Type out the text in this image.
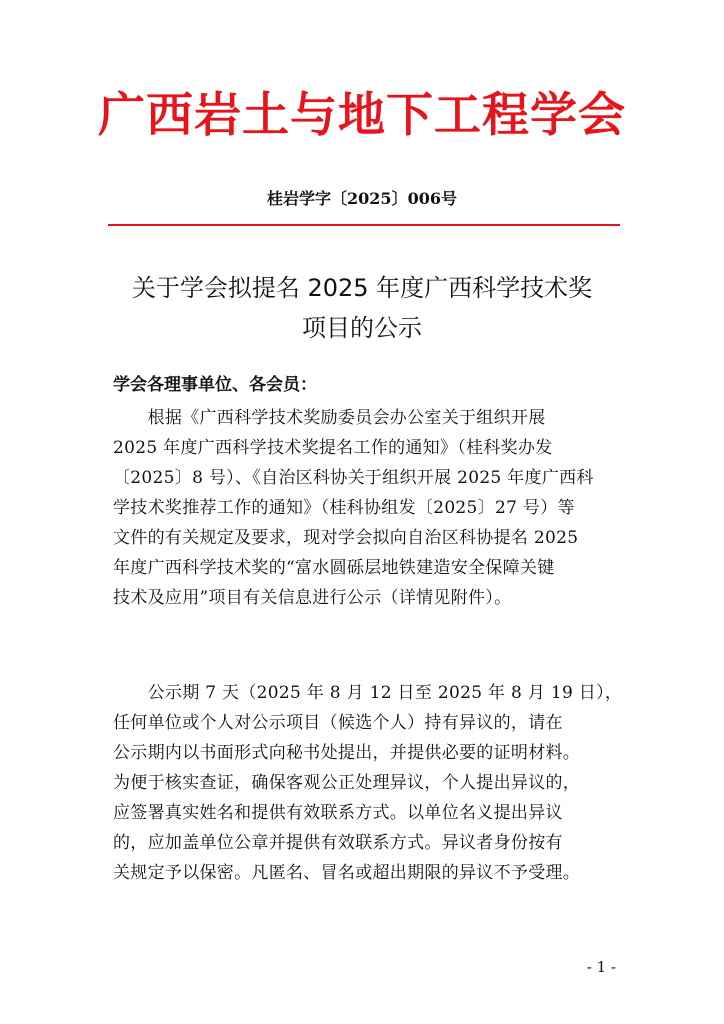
广西岩土与地下工程学会
桂岩学字〔2025〕006号
关于学会拟提名 2025 年度广西科学技术奖
项目的公示
学会各理事单位、各会员：
　　根据《广西科学技术奖励委员会办公室关于组织开展
2025 年度广西科学技术奖提名工作的通知》（桂科奖办发
〔2025〕8 号）、《自治区科协关于组织开展 2025 年度广西科
学技术奖推荐工作的通知》（桂科协组发〔2025〕27 号）等
文件的有关规定及要求，现对学会拟向自治区科协提名 2025
年度广西科学技术奖的“富水圆砾层地铁建造安全保障关键
技术及应用”项目有关信息进行公示（详情见附件）。
　　公示期 7 天（2025 年 8 月 12 日至 2025 年 8 月 19 日），
任何单位或个人对公示项目（候选个人）持有异议的，请在
公示期内以书面形式向秘书处提出，并提供必要的证明材料。
为便于核实查证，确保客观公正处理异议，个人提出异议的，
应签署真实姓名和提供有效联系方式。以单位名义提出异议
的，应加盖单位公章并提供有效联系方式。异议者身份按有
关规定予以保密。凡匿名、冒名或超出期限的异议不予受理。
- 1 -
